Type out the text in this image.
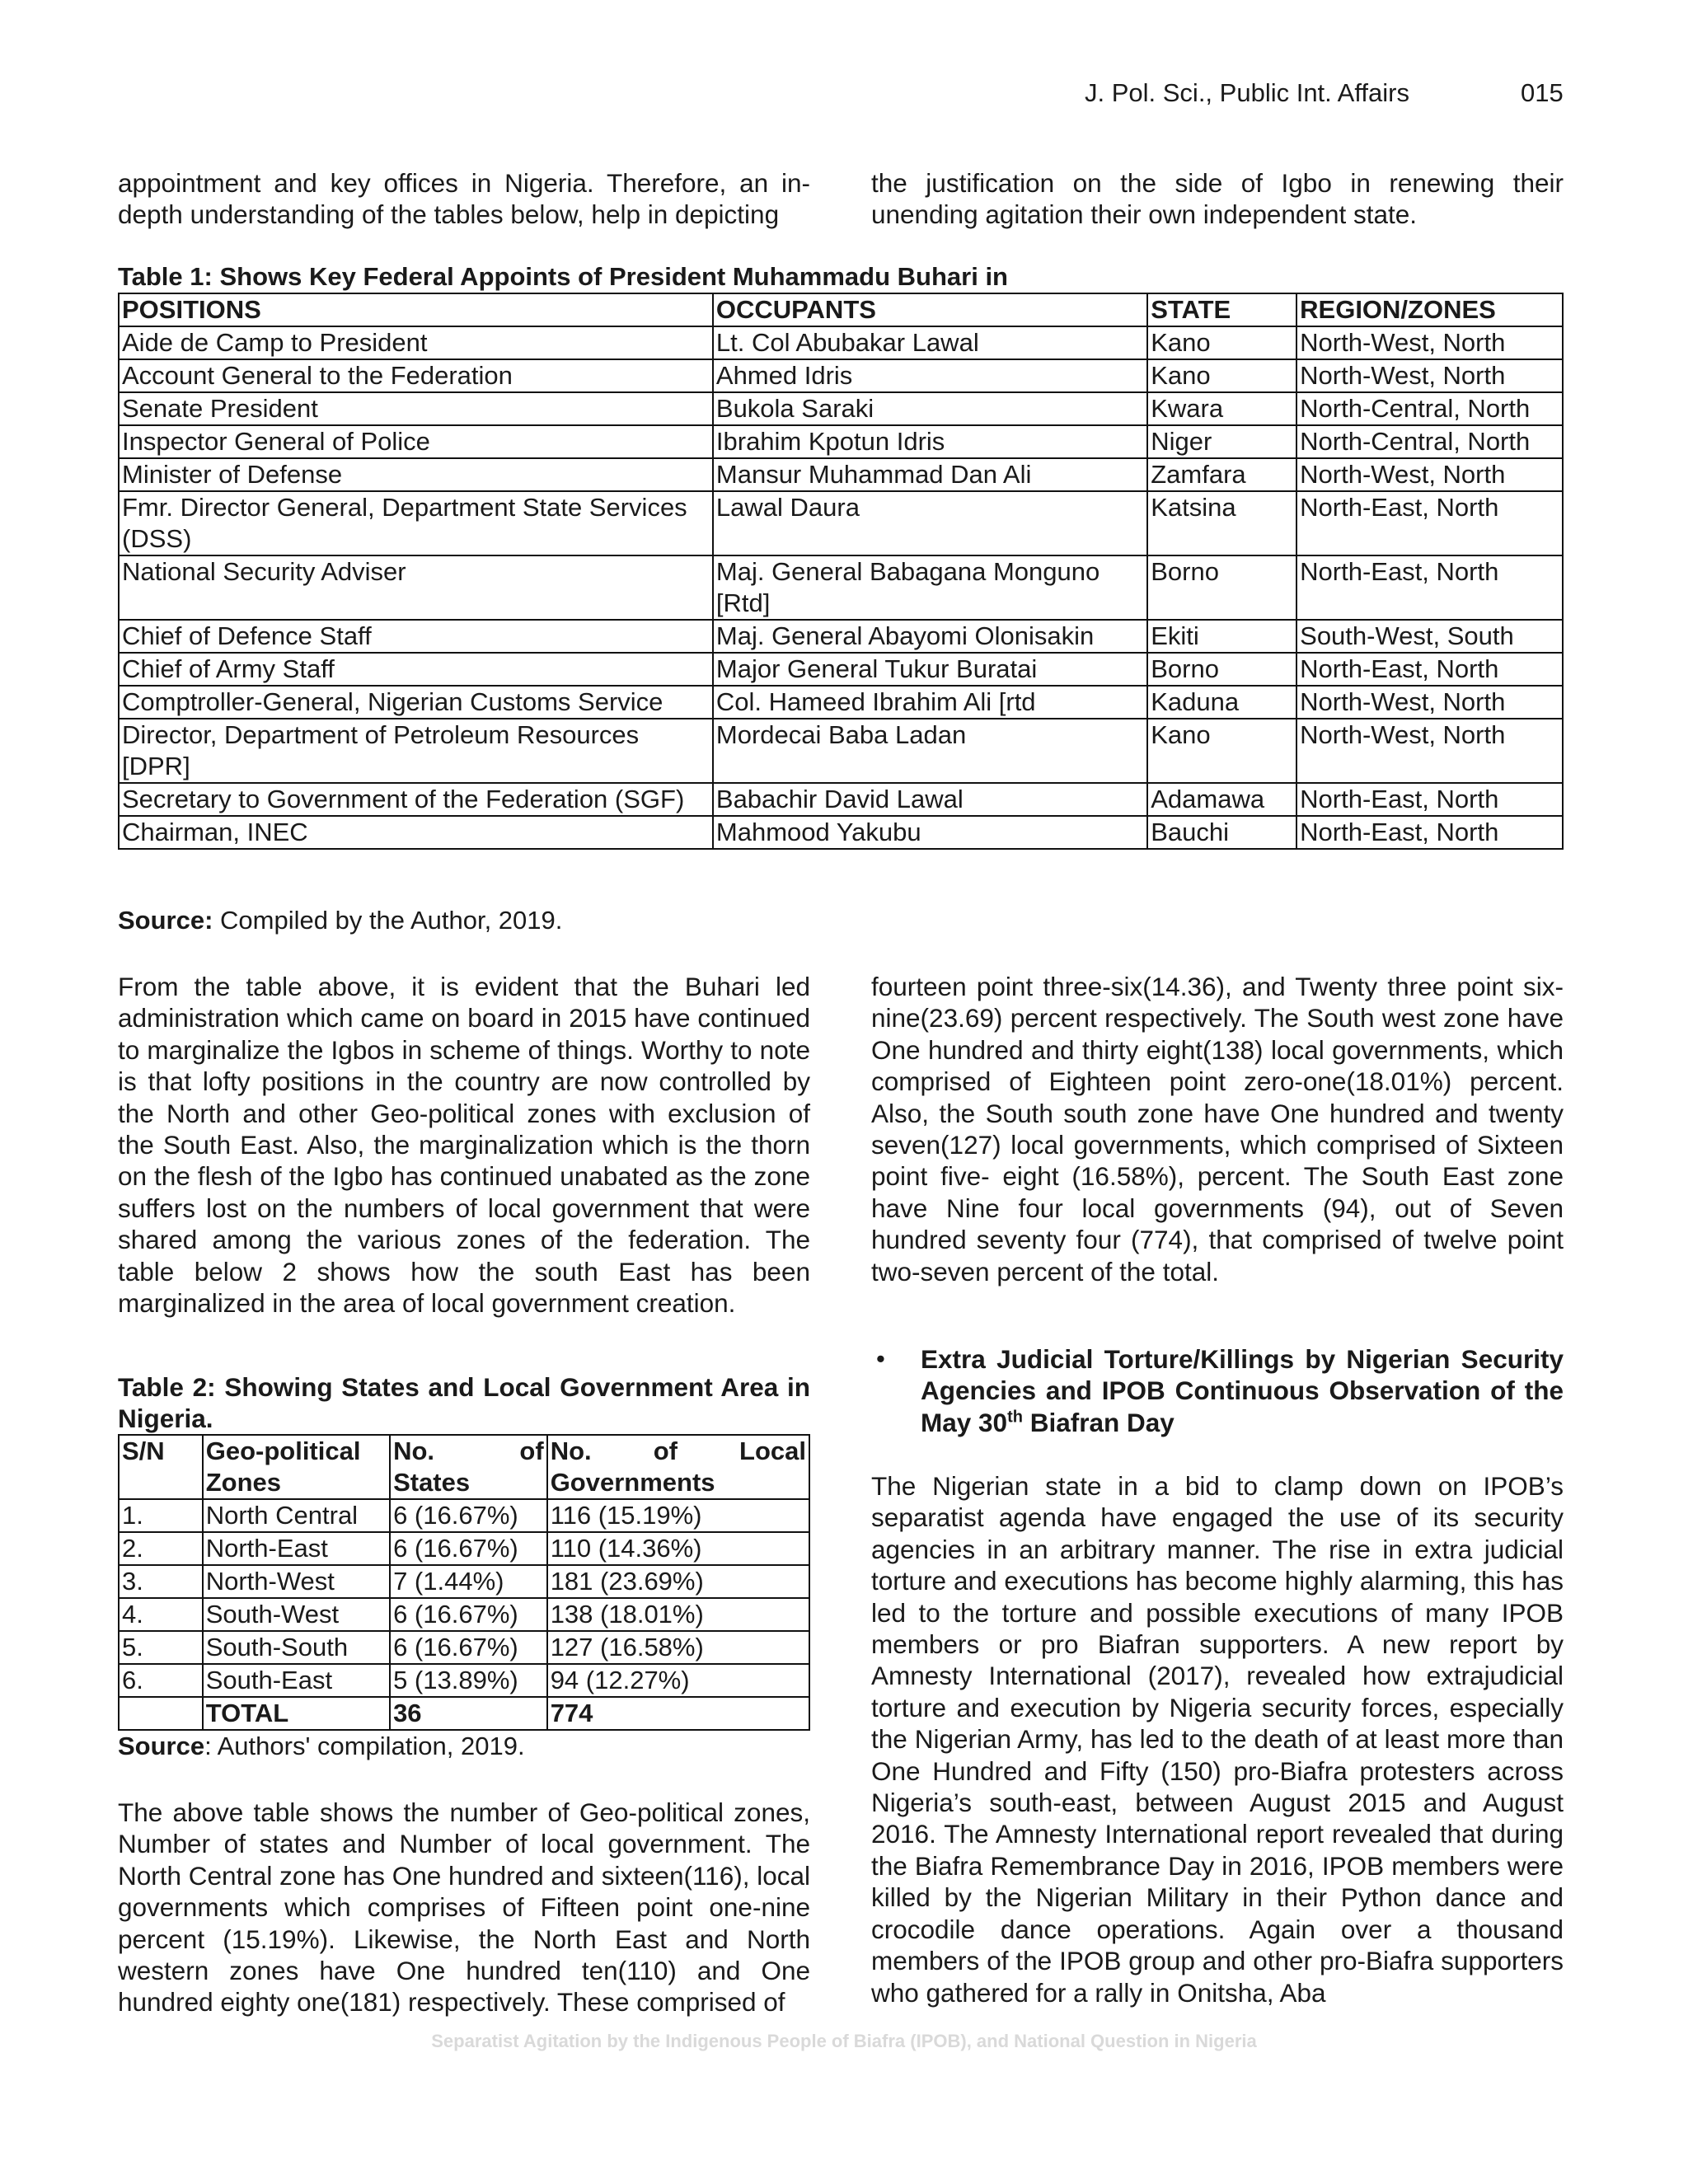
J. Pol. Sci., Public Int. Affairs	015

appointment and key offices in Nigeria. Therefore, an in-depth understanding of the tables below, help in depicting

the justification on the side of Igbo in renewing their unending agitation their own independent state.

Table 1: Shows Key Federal Appoints of President Muhammadu Buhari in

POSITIONS	OCCUPANTS	STATE	REGION/ZONES
Aide de Camp to President	Lt. Col Abubakar Lawal	Kano	North-West, North
Account General to the Federation	Ahmed Idris	Kano	North-West, North
Senate President	Bukola Saraki	Kwara	North-Central, North
Inspector General of Police	Ibrahim Kpotun Idris	Niger	North-Central, North
Minister of Defense	Mansur Muhammad Dan Ali	Zamfara	North-West, North
Fmr. Director General, Department State Services (DSS)	Lawal Daura	Katsina	North-East, North
National Security Adviser	Maj. General Babagana Monguno [Rtd]	Borno	North-East, North
Chief of Defence Staff	Maj. General Abayomi Olonisakin	Ekiti	South-West, South
Chief of Army Staff	Major General Tukur Buratai	Borno	North-East, North
Comptroller-General, Nigerian Customs Service	Col. Hameed Ibrahim Ali [rtd	Kaduna	North-West, North
Director, Department of Petroleum Resources [DPR]	Mordecai Baba Ladan	Kano	North-West, North
Secretary to Government of the Federation (SGF)	Babachir David Lawal	Adamawa	North-East, North
Chairman, INEC	Mahmood Yakubu	Bauchi	North-East, North

Source: Compiled by the Author, 2019.

From the table above, it is evident that the Buhari led administration which came on board in 2015 have continued to marginalize the Igbos in scheme of things. Worthy to note is that lofty positions in the country are now controlled by the North and other Geo-political zones with exclusion of the South East. Also, the marginalization which is the thorn on the flesh of the Igbo has continued unabated as the zone suffers lost on the numbers of local government that were shared among the various zones of the federation. The table below 2 shows how the south East has been marginalized in the area of local government creation.

Table 2: Showing States and Local Government Area in Nigeria.

S/N	Geo-political Zones	No. of States	No. of Local Governments
1.	North Central	6 (16.67%)	116 (15.19%)
2.	North-East	6 (16.67%)	110 (14.36%)
3.	North-West	7 (1.44%)	181 (23.69%)
4.	South-West	6 (16.67%)	138 (18.01%)
5.	South-South	6 (16.67%)	127 (16.58%)
6.	South-East	5 (13.89%)	94 (12.27%)
	TOTAL	36	774

Source: Authors' compilation, 2019.

The above table shows the number of Geo-political zones, Number of states and Number of local government. The North Central zone has One hundred and sixteen(116), local governments which comprises of Fifteen point one-nine percent (15.19%). Likewise, the North East and North western zones have One hundred ten(110) and One hundred eighty one(181) respectively. These comprised of

fourteen point three-six(14.36), and Twenty three point six-nine(23.69) percent respectively. The South west zone have One hundred and thirty eight(138) local governments, which comprised of Eighteen point zero-one(18.01%) percent. Also, the South south zone have One hundred and twenty seven(127) local governments, which comprised of Sixteen point five- eight (16.58%), percent. The South East zone have Nine four local governments (94), out of Seven hundred seventy four (774), that comprised of twelve point two-seven percent of the total.

• Extra Judicial Torture/Killings by Nigerian Security Agencies and IPOB Continuous Observation of the May 30th Biafran Day

The Nigerian state in a bid to clamp down on IPOB’s separatist agenda have engaged the use of its security agencies in an arbitrary manner. The rise in extra judicial torture and executions has become highly alarming, this has led to the torture and possible executions of many IPOB members or pro Biafran supporters. A new report by Amnesty International (2017), revealed how extrajudicial torture and execution by Nigeria security forces, especially the Nigerian Army, has led to the death of at least more than One Hundred and Fifty (150) pro-Biafra protesters across Nigeria’s south-east, between August 2015 and August 2016. The Amnesty International report revealed that during the Biafra Remembrance Day in 2016, IPOB members were killed by the Nigerian Military in their Python dance and crocodile dance operations. Again over a thousand members of the IPOB group and other pro-Biafra supporters who gathered for a rally in Onitsha, Aba

Separatist Agitation by the Indigenous People of Biafra (IPOB), and National Question in Nigeria
